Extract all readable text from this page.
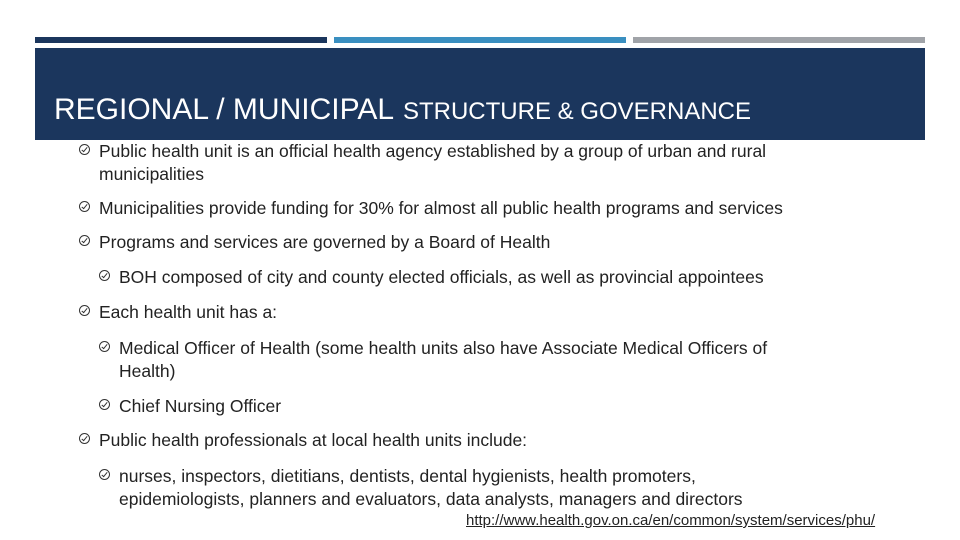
REGIONAL / MUNICIPAL STRUCTURE & GOVERNANCE
Public health unit is an official health agency established by a group of urban and rural
municipalities
Municipalities provide funding for 30% for almost all public health programs and services
Programs and services are governed by a Board of Health
BOH composed of city and county elected officials, as well as provincial appointees
Each health unit has a:
Medical Officer of Health (some health units also have Associate Medical Officers of
Health)
Chief Nursing Officer
Public health professionals at local health units include:
nurses, inspectors, dietitians, dentists, dental hygienists, health promoters,
epidemiologists, planners and evaluators, data analysts, managers and directors
http://www.health.gov.on.ca/en/common/system/services/phu/
